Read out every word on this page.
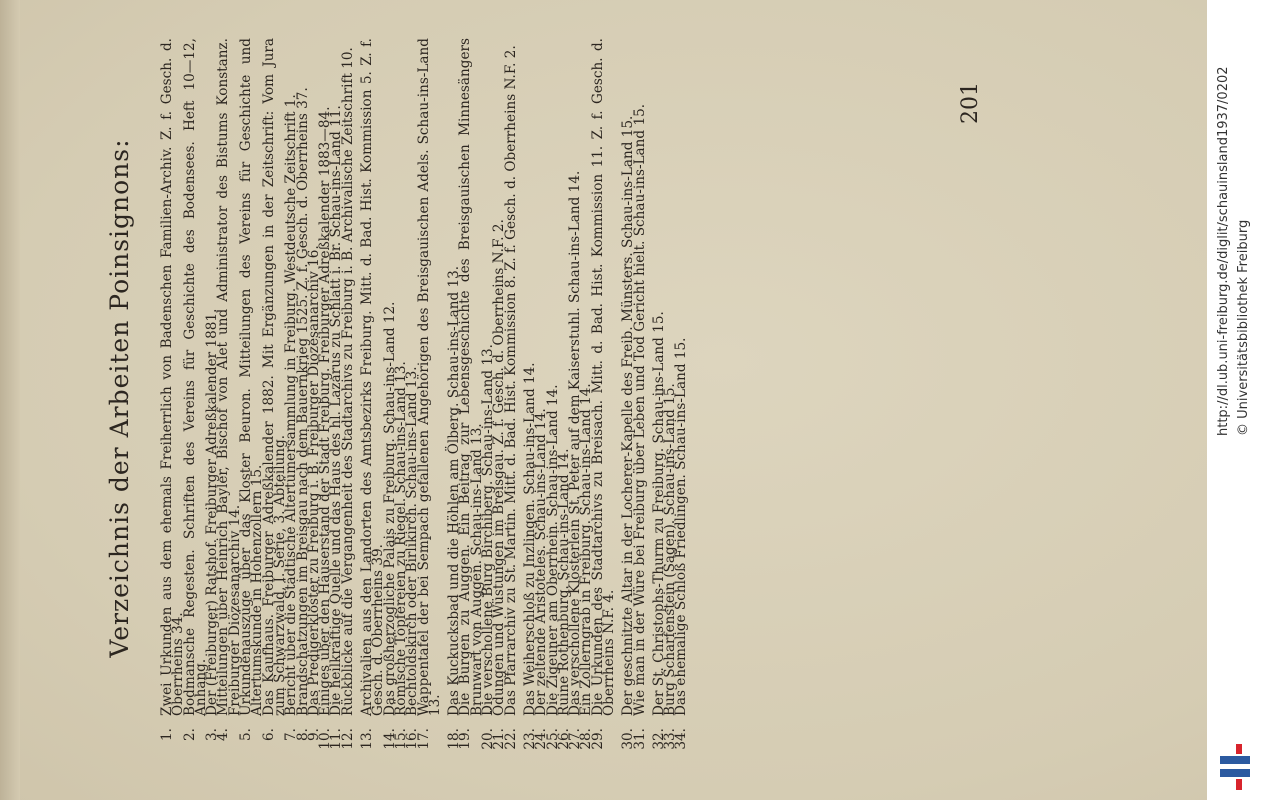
Verzeichnis der Arbeiten Poinsignons:
1.
Zwei Urkunden aus dem ehemals Freiherrlich von Badenschen Familien-Archiv. Z. f. Gesch. d. Oberrheins 34.
2.
Bodmansche Regesten. Schriften des Vereins für Geschichte des Bodensees. Heft 10—12, Anhang.
3.
Der (Freiburger) Ratshof. Freiburger Adreßkalender 1881.
4.
Mitteilungen über Heinrich Bayler, Bischof von Alet und Administrator des Bistums Konstanz. Freiburger Diözesanarchiv 14.
5.
Urkundenauszüge über das Kloster Beuron. Mitteilungen des Vereins für Geschichte und Altertumskunde in Hohenzollern 15.
6.
Das Kaufhaus. Freiburger Adreßkalender 1882. Mit Ergänzungen in der Zeitschrift: Vom Jura zum Schwarzwald, I. Serie, 3. Abteilung.
7.
Bericht über die Städtische Altertümersammlung in Freiburg. Westdeutsche Zeitschrift 1.
8.
Brandschatzungen im Breisgau nach dem Bauernkrieg 1525. Z. f. Gesch. d. Oberrheins 37.
9.
Das Predigerkloster zu Freiburg i. B. Freiburger Diözesanarchiv 16.
10.
Einiges über den Häuserstand der Stadt Freiburg. Freiburger Adreßkalender 1883—84.
11.
Die heilkräftige Quelle und das Haus des hl. Lazarus zu Schlatt i. Br. Schau-ins-Land 11.
12.
Rückblicke auf die Vergangenheit des Stadtarchivs zu Freiburg i. B. Archivalische Zeitschrift 10.
13.
Archivalien aus den Landorten des Amtsbezirks Freiburg. Mitt. d. Bad. Hist. Kommission 5. Z. f. Gesch. d. Oberrheins 39.
14.
Das großherzogliche Palais zu Freiburg. Schau-ins-Land 12.
15.
Römische Töpfereien zu Riegel. Schau-ins-Land 13.
16.
Bechtoldskirch oder Birlikirch. Schau-ins-Land 13.
17.
Wappentafel der bei Sempach gefallenen Angehörigen des Breisgauischen Adels. Schau-ins-Land 13.
18.
Das Kuckucksbad und die Höhlen am Ölberg. Schau-ins-Land 13.
19.
Die Burgen zu Auggen. Ein Beitrag zur Lebensgeschichte des Breisgauischen Minnesängers Brunwart von Auggen. Schau-ins-Land 13.
20.
Die verschollene Burg Birchiberg. Schau-ins-Land 13.
21.
Ödungen und Wüstungen im Breisgau. Z. f. Gesch. d. Oberrheins N.F. 2.
22.
Das Pfarrarchiv zu St. Martin. Mitt. d. Bad. Hist. Kommission 8. Z. f. Gesch. d. Oberrheins N.F. 2.
23.
Das Weiherschloß zu Inzlingen. Schau-ins-Land 14.
24.
Der zeltende Aristoteles. Schau-ins-Land 14.
25.
Die Zigeuner am Oberrhein. Schau-ins-Land 14.
26.
Ruine Rothenburg. Schau-ins-Land 14.
27.
Das verschollene Klösterlein St. Peter auf dem Kaiserstuhl. Schau-ins-Land 14.
28.
Ein Zollerngrab in Freiburg. Schau-ins-Land 14.
29.
Die Urkunden des Stadtarchivs zu Breisach. Mitt. d. Bad. Hist. Kommission 11. Z. f. Gesch. d. Oberrheins N.F. 4.
30.
Der geschnitzte Altar in der Locherer-Kapelle des Freib. Münsters. Schau-ins-Land 15.
31.
Wie man in der Würe bei Freiburg über Leben und Tod Gericht hielt. Schau-ins-Land 15.
32.
Der St. Christophs-Thurm zu Freiburg. Schau-ins-Land 15.
33.
Burg Scharfenstein (Sagen). Schau-ins-Land 15.
34.
Das ehemalige Schloß Friedlingen. Schau-ins-Land 15.
201	http://dl.ub.uni-freiburg.de/diglit/schauinsland1937/0202 © Universitätsbibliothek Freiburg
